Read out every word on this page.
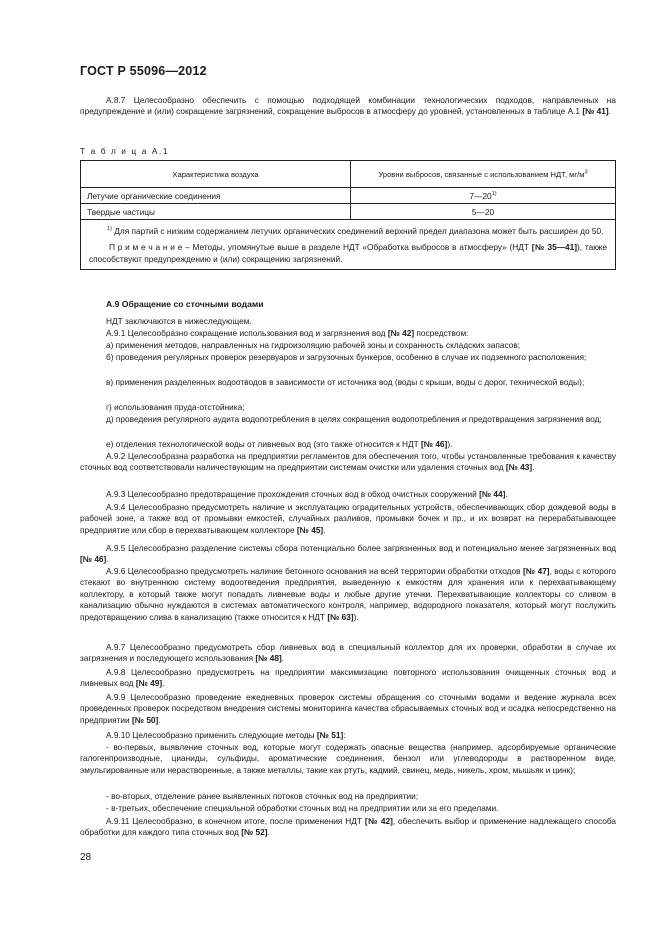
ГОСТ Р 55096—2012

А.8.7 Целесообразно обеспечить с помощью подходящей комбинации технологических подходов, направленных на предупреждение и (или) сокращение загрязнений, сокращение выбросов в атмосферу до уровней, установленных в таблице А.1 [№ 41].

Т а б л и ц а А.1
Характеристика воздуха	Уровни выбросов, связанные с использованием НДТ, $мг/м^3$
Летучие органические соединения	7—20$^{1)}$
Твердые частицы	5—20

$^{1)}$ Для партий с низким содержанием летучих органических соединений верхний предел диапазона может быть расширен до 50.

П р и м е ч а н и е – Методы, упомянутые выше в разделе НДТ «Обработка выбросов в атмосферу» (НДТ [№ 35—41]), также способствуют предупреждению и (или) сокращению загрязнений.	

А.9 Обращение со сточными водами

НДТ заключаются в нижеследующем.

А.9.1 Целесообразно сокращение использования вод и загрязнения вод [№ 42] посредством:

а) применения методов, направленных на гидроизоляцию рабочей зоны и сохранность складских запасов;

б) проведения регулярных проверок резервуаров и загрузочных бункеров, особенно в случае их подземного расположения;

в) применения разделенных водоотводов в зависимости от источника вод (воды с крыши, воды с дорог, технической воды);

г) использования пруда-отстойника;

д) проведения регулярного аудита водопотребления в целях сокращения водопотребления и предотвращения загрязнения вод;

е) отделения технологической воды от ливневых вод (это также относится к НДТ [№ 46]).

А.9.2 Целесообразна разработка на предприятии регламентов для обеспечения того, чтобы установленные требования к качеству сточных вод соответствовали наличествующим на предприятии системам очистки или удаления сточных вод [№ 43].

А.9.3 Целесообразно предотвращение прохождения сточных вод в обход очистных сооружений [№ 44].

А.9.4 Целесообразно предусмотреть наличие и эксплуатацию оградительных устройств, обеспечивающих сбор дождевой воды в рабочей зоне, а также вод от промывки емкостей, случайных разливов, промывки бочек и пр., и их возврат на перерабатывающее предприятие или сбор в перехватывающем коллекторе [№ 45].

А.9.5 Целесообразно разделение системы сбора потенциально более загрязненных вод и потенциально менее загрязненных вод [№ 46].

А.9.6 Целесообразно предусмотреть наличие бетонного основания на всей территории обработки отходов [№ 47], воды с которого стекают во внутреннюю систему водоотведения предприятия, выведенную к емкостям для хранения или к перехватывающему коллектору, в который также могут попадать ливневые воды и любые другие утечки. Перехватывающие коллекторы со сливом в канализацию обычно нуждаются в системах автоматического контроля, например, водородного показателя, который могут послужить предотвращению слива в канализацию (также относится к НДТ [№ 63]).

А.9.7 Целесообразно предусмотреть сбор ливневых вод в специальный коллектор для их проверки, обработки в случае их загрязнения и последующего использования [№ 48].

А.9.8 Целесообразно предусмотреть на предприятии максимизацию повторного использования очищенных сточных вод и ливневых вод [№ 49].

А.9.9 Целесообразно проведение ежедневных проверок системы обращения со сточными водами и ведение журнала всех проведенных проверок посредством внедрения системы мониторинга качества сбрасываемых сточных вод и осадка непосредственно на предприятии [№ 50].

А.9.10 Целесообразно применить следующие методы [№ 51]:

- во-первых, выявление сточных вод, которые могут содержать опасные вещества (например, адсорбируемые органические галогенпроизводные, цианиды, сульфиды, ароматические соединения, бензол или углеводороды в растворенном виде, эмульгированные или нерастворенные, а также металлы, такие как ртуть, кадмий, свинец, медь, никель, хром, мышьяк и цинк);

- во-вторых, отделение ранее выявленных потоков сточных вод на предприятии;

- в-третьих, обеспечение специальной обработки сточных вод на предприятии или за его пределами.

А.9.11 Целесообразно, в конечном итоге, после применения НДТ [№ 42], обеспечить выбор и применение надлежащего способа обработки для каждого типа сточных вод [№ 52].

28
